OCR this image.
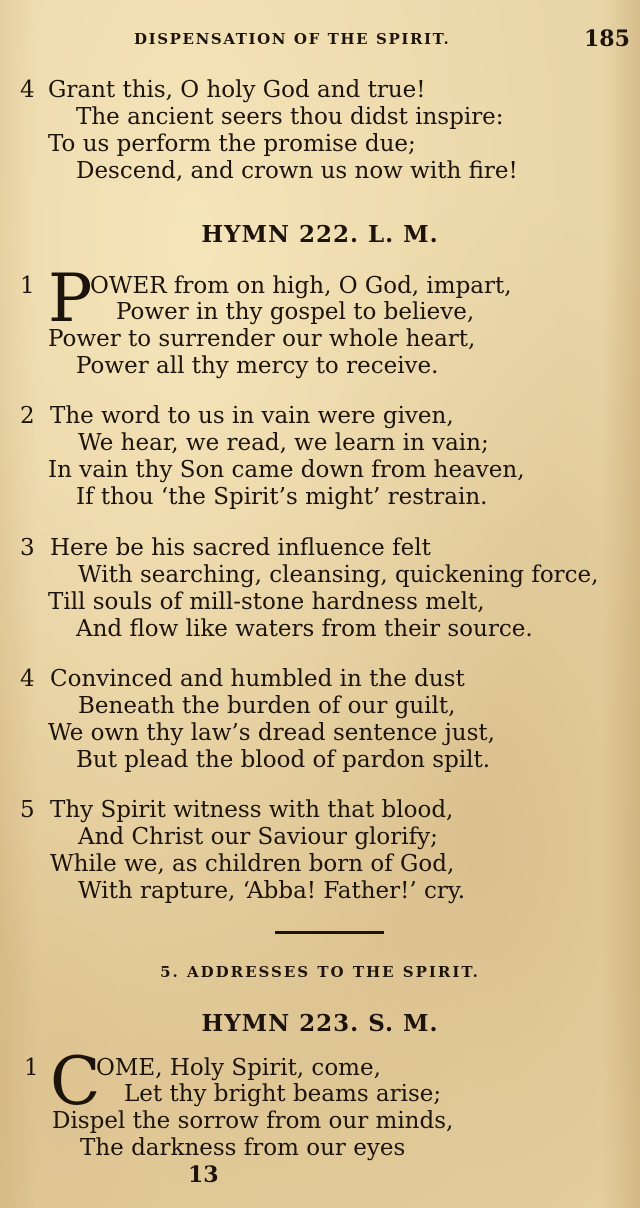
DISPENSATION OF THE SPIRIT.	185
4 Grant this, O holy God and true!
The ancient seers thou didst inspire:
To us perform the promise due;
Descend, and crown us now with fire!
HYMN 222. L. M.
1 P
OWER from on high, O God, impart,
Power in thy gospel to believe,
Power to surrender our whole heart,
Power all thy mercy to receive.
2 The word to us in vain were given,
We hear, we read, we learn in vain;
In vain thy Son came down from heaven,
If thou ‘the Spirit’s might’ restrain.
3 Here be his sacred influence felt
With searching, cleansing, quickening force,
Till souls of mill-stone hardness melt,
And flow like waters from their source.
4 Convinced and humbled in the dust
Beneath the burden of our guilt,
We own thy law’s dread sentence just,
But plead the blood of pardon spilt.
5 Thy Spirit witness with that blood,
And Christ our Saviour glorify;
While we, as children born of God,
With rapture, ‘Abba! Father!’ cry.
5. ADDRESSES TO THE SPIRIT.
HYMN 223. S. M.
1 C
OME, Holy Spirit, come,
Let thy bright beams arise;
Dispel the sorrow from our minds,
The darkness from our eyes
13
